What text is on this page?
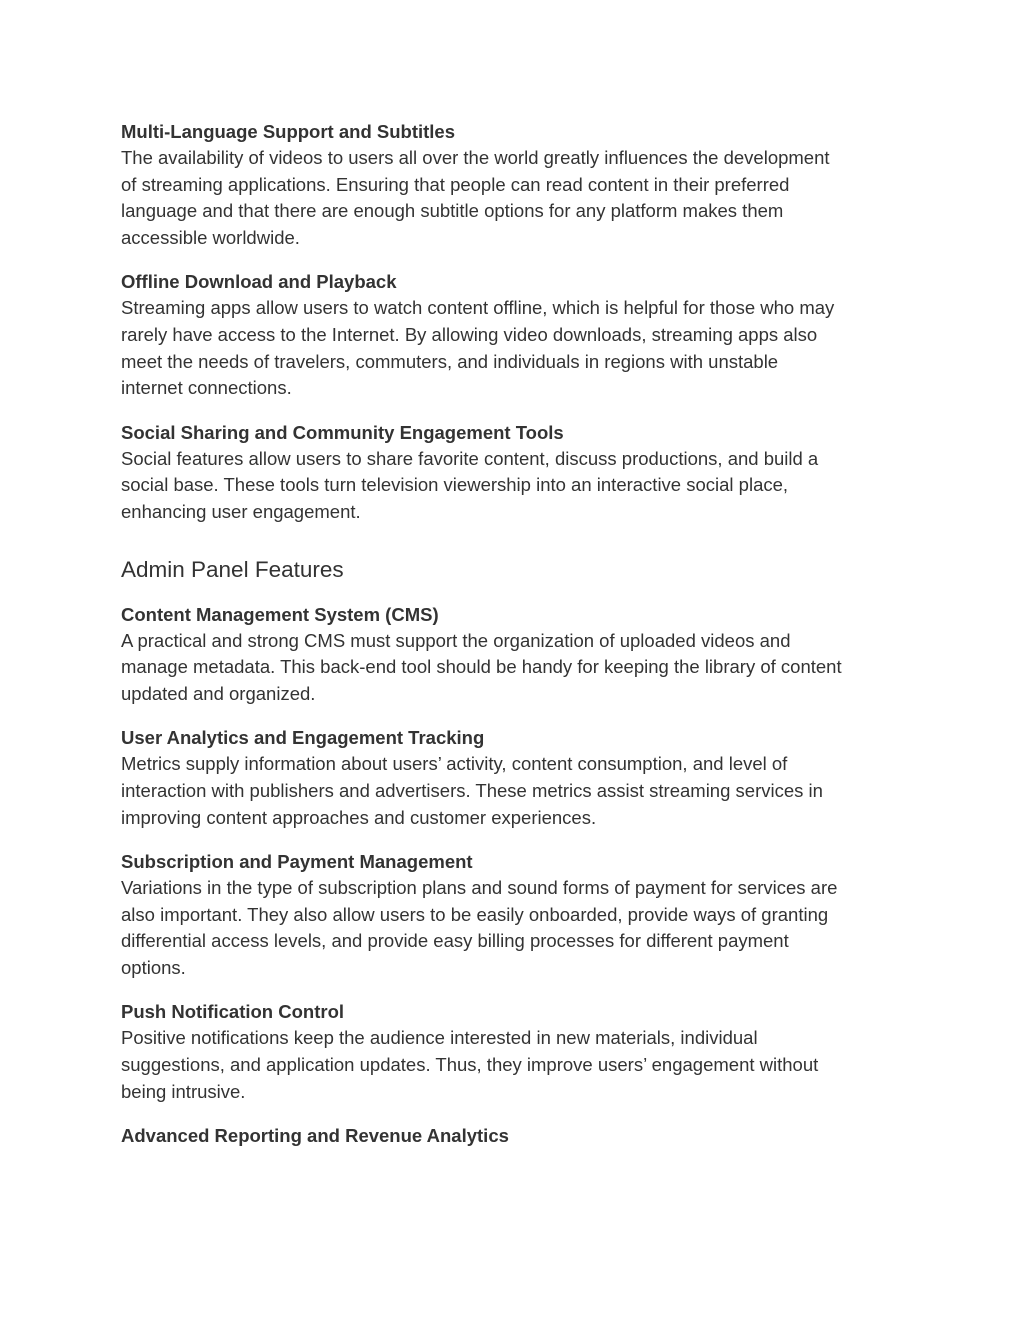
Multi-Language Support and Subtitles

The availability of videos to users all over the world greatly influences the development
of streaming applications. Ensuring that people can read content in their preferred
language and that there are enough subtitle options for any platform makes them
accessible worldwide.

Offline Download and Playback

Streaming apps allow users to watch content offline, which is helpful for those who may
rarely have access to the Internet. By allowing video downloads, streaming apps also
meet the needs of travelers, commuters, and individuals in regions with unstable
internet connections.

Social Sharing and Community Engagement Tools

Social features allow users to share favorite content, discuss productions, and build a
social base. These tools turn television viewership into an interactive social place,
enhancing user engagement.

Admin Panel Features
Content Management System (CMS)

A practical and strong CMS must support the organization of uploaded videos and
manage metadata. This back-end tool should be handy for keeping the library of content
updated and organized.

User Analytics and Engagement Tracking

Metrics supply information about users’ activity, content consumption, and level of
interaction with publishers and advertisers. These metrics assist streaming services in
improving content approaches and customer experiences.

Subscription and Payment Management

Variations in the type of subscription plans and sound forms of payment for services are
also important. They also allow users to be easily onboarded, provide ways of granting
differential access levels, and provide easy billing processes for different payment
options.

Push Notification Control

Positive notifications keep the audience interested in new materials, individual
suggestions, and application updates. Thus, they improve users’ engagement without
being intrusive.

Advanced Reporting and Revenue Analytics
